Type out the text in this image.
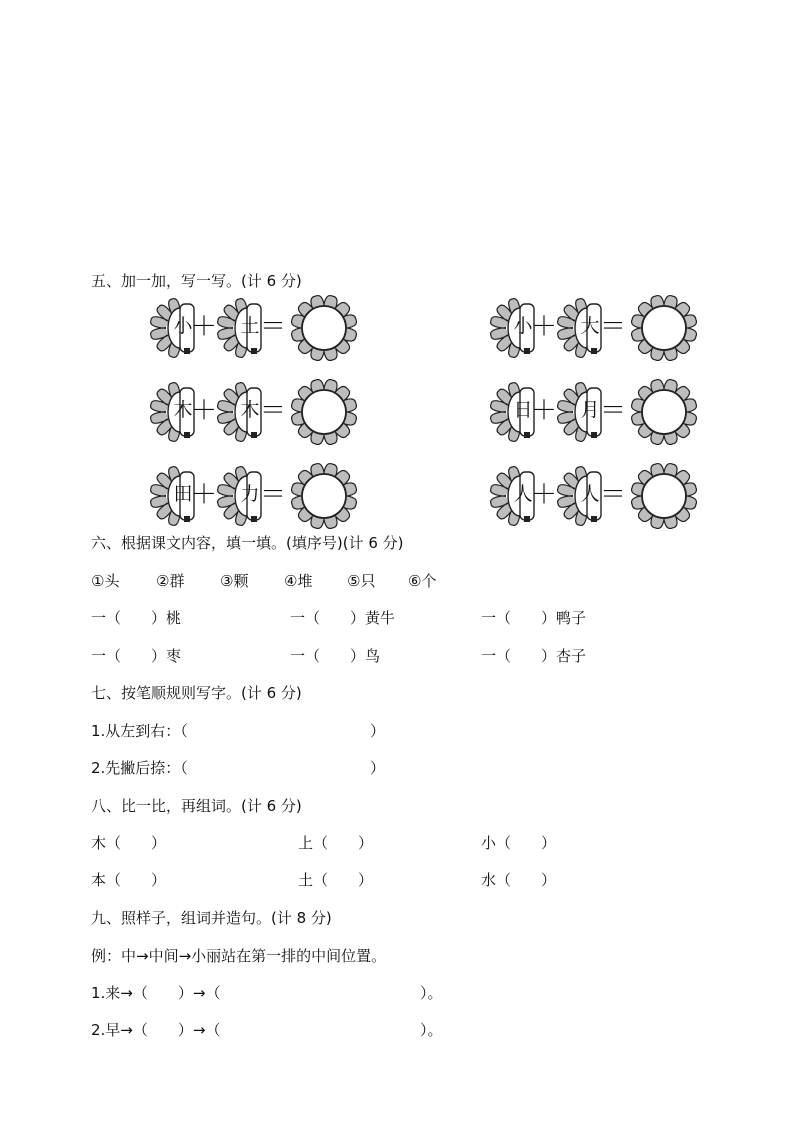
五、加一加，写一写。(计 6 分)
小
＋ 土 ＝	小
＋ 大 ＝
木
＋ 木 ＝	日
＋ 月 ＝
田
＋ 力 ＝	人
＋ 人 ＝
六、根据课文内容，填一填。(填序号)(计 6 分)
①头 ②群 ③颗 ④堆 ⑤只 ⑥个
一（　　）桃	一（　　）黄牛	一（　　）鸭子
一（　　）枣	一（　　）鸟	一（　　）杏子
七、按笔顺规则写字。(计 6 分)
1.从左到右：（	）
2.先撇后捺：（	）
八、比一比，再组词。(计 6 分)
木（　　）	上（　　）	小（　　）
本（　　）	土（　　）	水（　　）
九、照样子，组词并造句。(计 8 分)
例：中→中间→小丽站在第一排的中间位置。
1.来→（　　）→（	）。
2.早→（　　）→（	）。
